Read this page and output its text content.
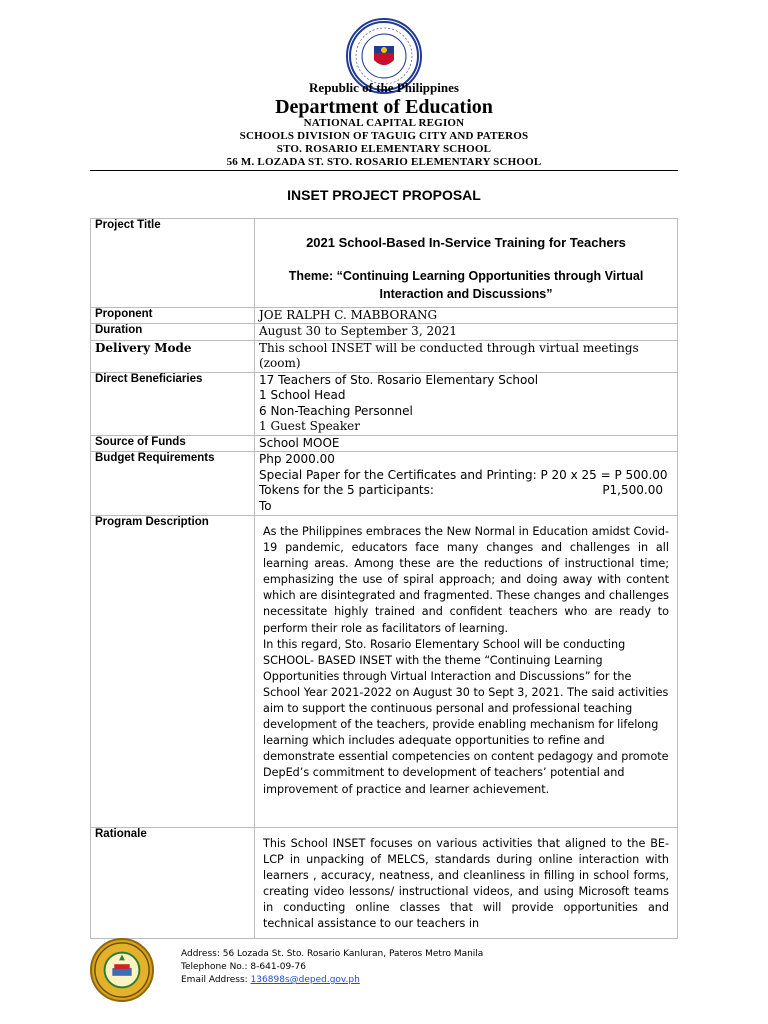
Republic of the Philippines
Department of Education
NATIONAL CAPITAL REGION
SCHOOLS DIVISION OF TAGUIG CITY AND PATEROS
STO. ROSARIO ELEMENTARY SCHOOL
56 M. LOZADA ST. STO. ROSARIO ELEMENTARY SCHOOL
INSET PROJECT PROPOSAL
Project Title	2021 School-Based In-Service Training for Teachers
Theme: “Continuing Learning Opportunities through Virtual Interaction and Discussions”

Proponent	JOE RALPH C. MABBORANG
Duration	August 30 to September 3, 2021
Delivery Mode	This school INSET will be conducted through virtual meetings (zoom)
Direct Beneficiaries	17 Teachers of Sto. Rosario Elementary School
1 School Head
6 Non-Teaching Personnel
1 Guest Speaker

Source of Funds	School MOOE
Budget Requirements	Php 2000.00
Special Paper for the Certificates and Printing: P 20 x 25 = P 500.00
Tokens for the 5 participants: P1,500.00
To

Program Description	As the Philippines embraces the New Normal in Education amidst Covid-19 pandemic, educators face many changes and challenges in all learning areas. Among these are the reductions of instructional time; emphasizing the use of spiral approach; and doing away with content which are disintegrated and fragmented. These changes and challenges necessitate highly trained and confident teachers who are ready to perform their role as facilitators of learning.
In this regard, Sto. Rosario Elementary School will be conducting SCHOOL- BASED INSET with the theme “Continuing Learning Opportunities through Virtual Interaction and Discussions” for the School Year 2021-2022 on August 30 to Sept 3, 2021. The said activities aim to support the continuous personal and professional teaching development of the teachers, provide enabling mechanism for lifelong learning which includes adequate opportunities to refine and demonstrate essential competencies on content pedagogy and promote DepEd’s commitment to development of teachers’ potential and improvement of practice and learner achievement.

Rationale	This School INSET focuses on various activities that aligned to the BE-LCP in unpacking of MELCS, standards during online interaction with learners , accuracy, neatness, and cleanliness in filling in school forms, creating video lessons/ instructional videos, and using Microsoft teams in conducting online classes that will provide opportunities and technical assistance to our teachers in
Address: 56 Lozada St. Sto. Rosario Kanluran, Pateros Metro Manila
Telephone No.: 8-641-09-76
Email Address: 136898s@deped.gov.ph
